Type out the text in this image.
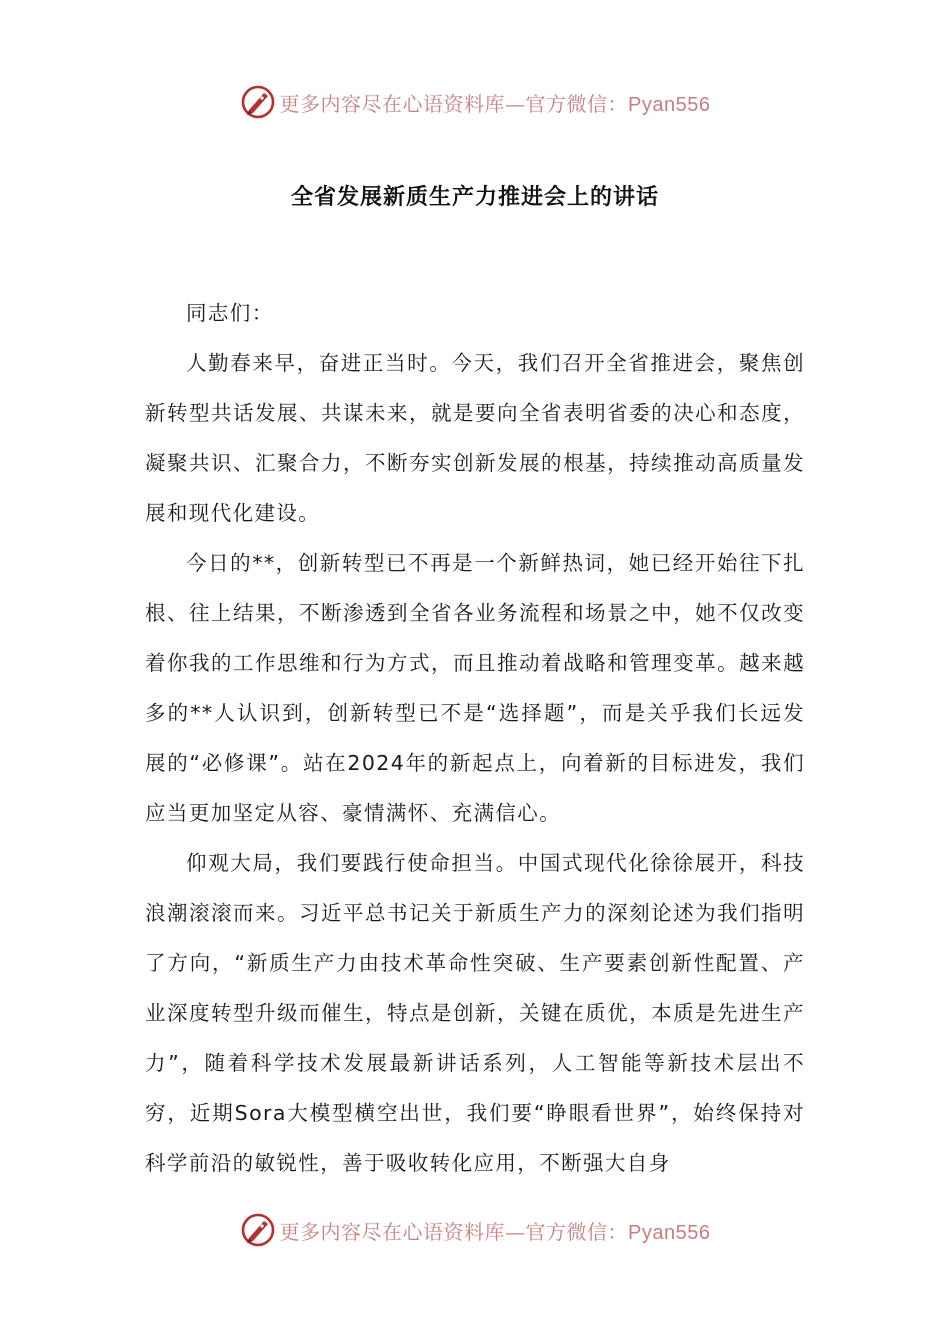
更多内容尽在心语资料库—官方微信：Pyan556
全省发展新质生产力推进会上的讲话

同志们：

人勤春来早，奋进正当时。今天，我们召开全省推进会，聚焦创新转型共话发展、共谋未来，就是要向全省表明省委的决心和态度，凝聚共识、汇聚合力，不断夯实创新发展的根基，持续推动高质量发展和现代化建设。

今日的**，创新转型已不再是一个新鲜热词，她已经开始往下扎根、往上结果，不断渗透到全省各业务流程和场景之中，她不仅改变着你我的工作思维和行为方式，而且推动着战略和管理变革。越来越多的**人认识到，创新转型已不是“选择题”，而是关乎我们长远发展的“必修课”。站在2024年的新起点上，向着新的目标进发，我们应当更加坚定从容、豪情满怀、充满信心。

仰观大局，我们要践行使命担当。中国式现代化徐徐展开，科技浪潮滚滚而来。习近平总书记关于新质生产力的深刻论述为我们指明了方向，“新质生产力由技术革命性突破、生产要素创新性配置、产业深度转型升级而催生，特点是创新，关键在质优，本质是先进生产力”，随着科学技术发展最新讲话系列，人工智能等新技术层出不穷，近期Sora大模型横空出世，我们要“睁眼看世界”，始终保持对科学前沿的敏锐性，善于吸收转化应用，不断强大自身

更多内容尽在心语资料库—官方微信：Pyan556
